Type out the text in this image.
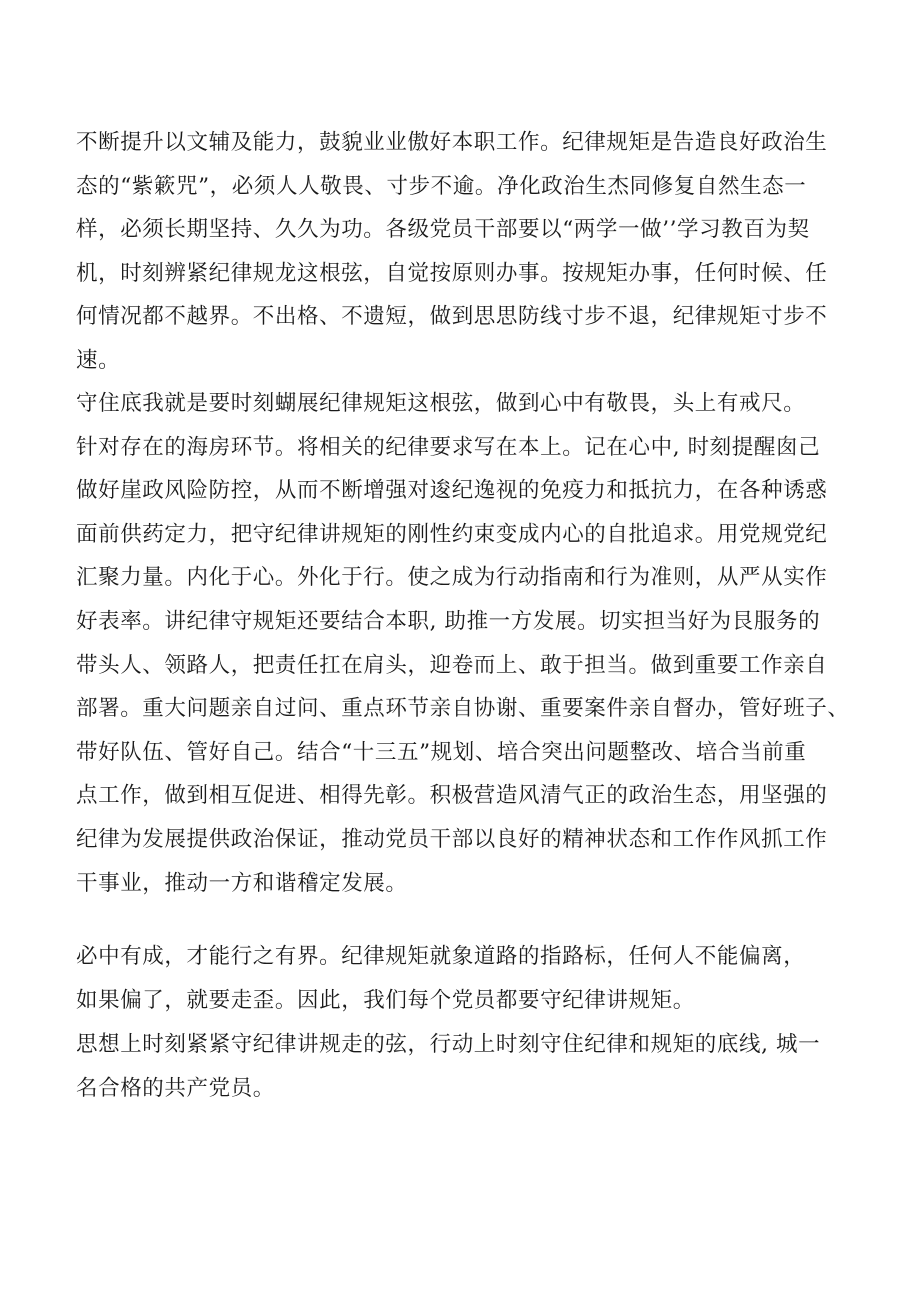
不断提升以文辅及能力，鼓貌业业傲好本职工作。纪律规矩是告造良好政治生
态的“紫簌咒”，必须人人敬畏、寸步不逾。净化政治生杰同修复自然生态一
样，必须长期坚持、久久为功。各级党员干部要以“两学一做’’学习教百为契
机，时刻辨紧纪律规龙这根弦，自觉按原则办事。按规矩办事，任何时候、任
何情况都不越界。不出格、不遗短，做到思思防线寸步不退，纪律规矩寸步不
速。

守住底我就是要时刻蝴展纪律规矩这根弦，做到心中有敬畏，头上有戒尺。
针对存在的海房环节。将相关的纪律要求写在本上。记在心中, 时刻提醒囱己
做好崖政风险防控，从而不断增强对逡纪逸视的免疫力和抵抗力，在各种诱惑
面前供药定力，把守纪律讲规矩的刚性约束变成内心的自批追求。用党规党纪
汇聚力量。内化于心。外化于行。使之成为行动指南和行为准则，从严从实作
好表率。讲纪律守规矩还要结合本职, 助推一方发展。切实担当好为艮服务的
带头人、领路人，把责任扛在肩头，迎卷而上、敢于担当。做到重要工作亲自
部署。重大问题亲自过问、重点环节亲自协谢、重要案件亲自督办，管好班子、
带好队伍、管好自己。结合“十三五”规划、培合突出问题整改、培合当前重
点工作，做到相互促进、相得先彰。积极营造风清气正的政治生态，用坚强的
纪律为发展提供政治保证，推动党员干部以良好的精神状态和工作作风抓工作
干事业，推动一方和谐稽定发展。

必中有成，才能行之有界。纪律规矩就象道路的指路标，任何人不能偏离，
如果偏了，就要走歪。因此，我们每个党员都要守纪律讲规矩。

思想上时刻紧紧守纪律讲规走的弦，行动上时刻守住纪律和规矩的底线, 城一
名合格的共产党员。
